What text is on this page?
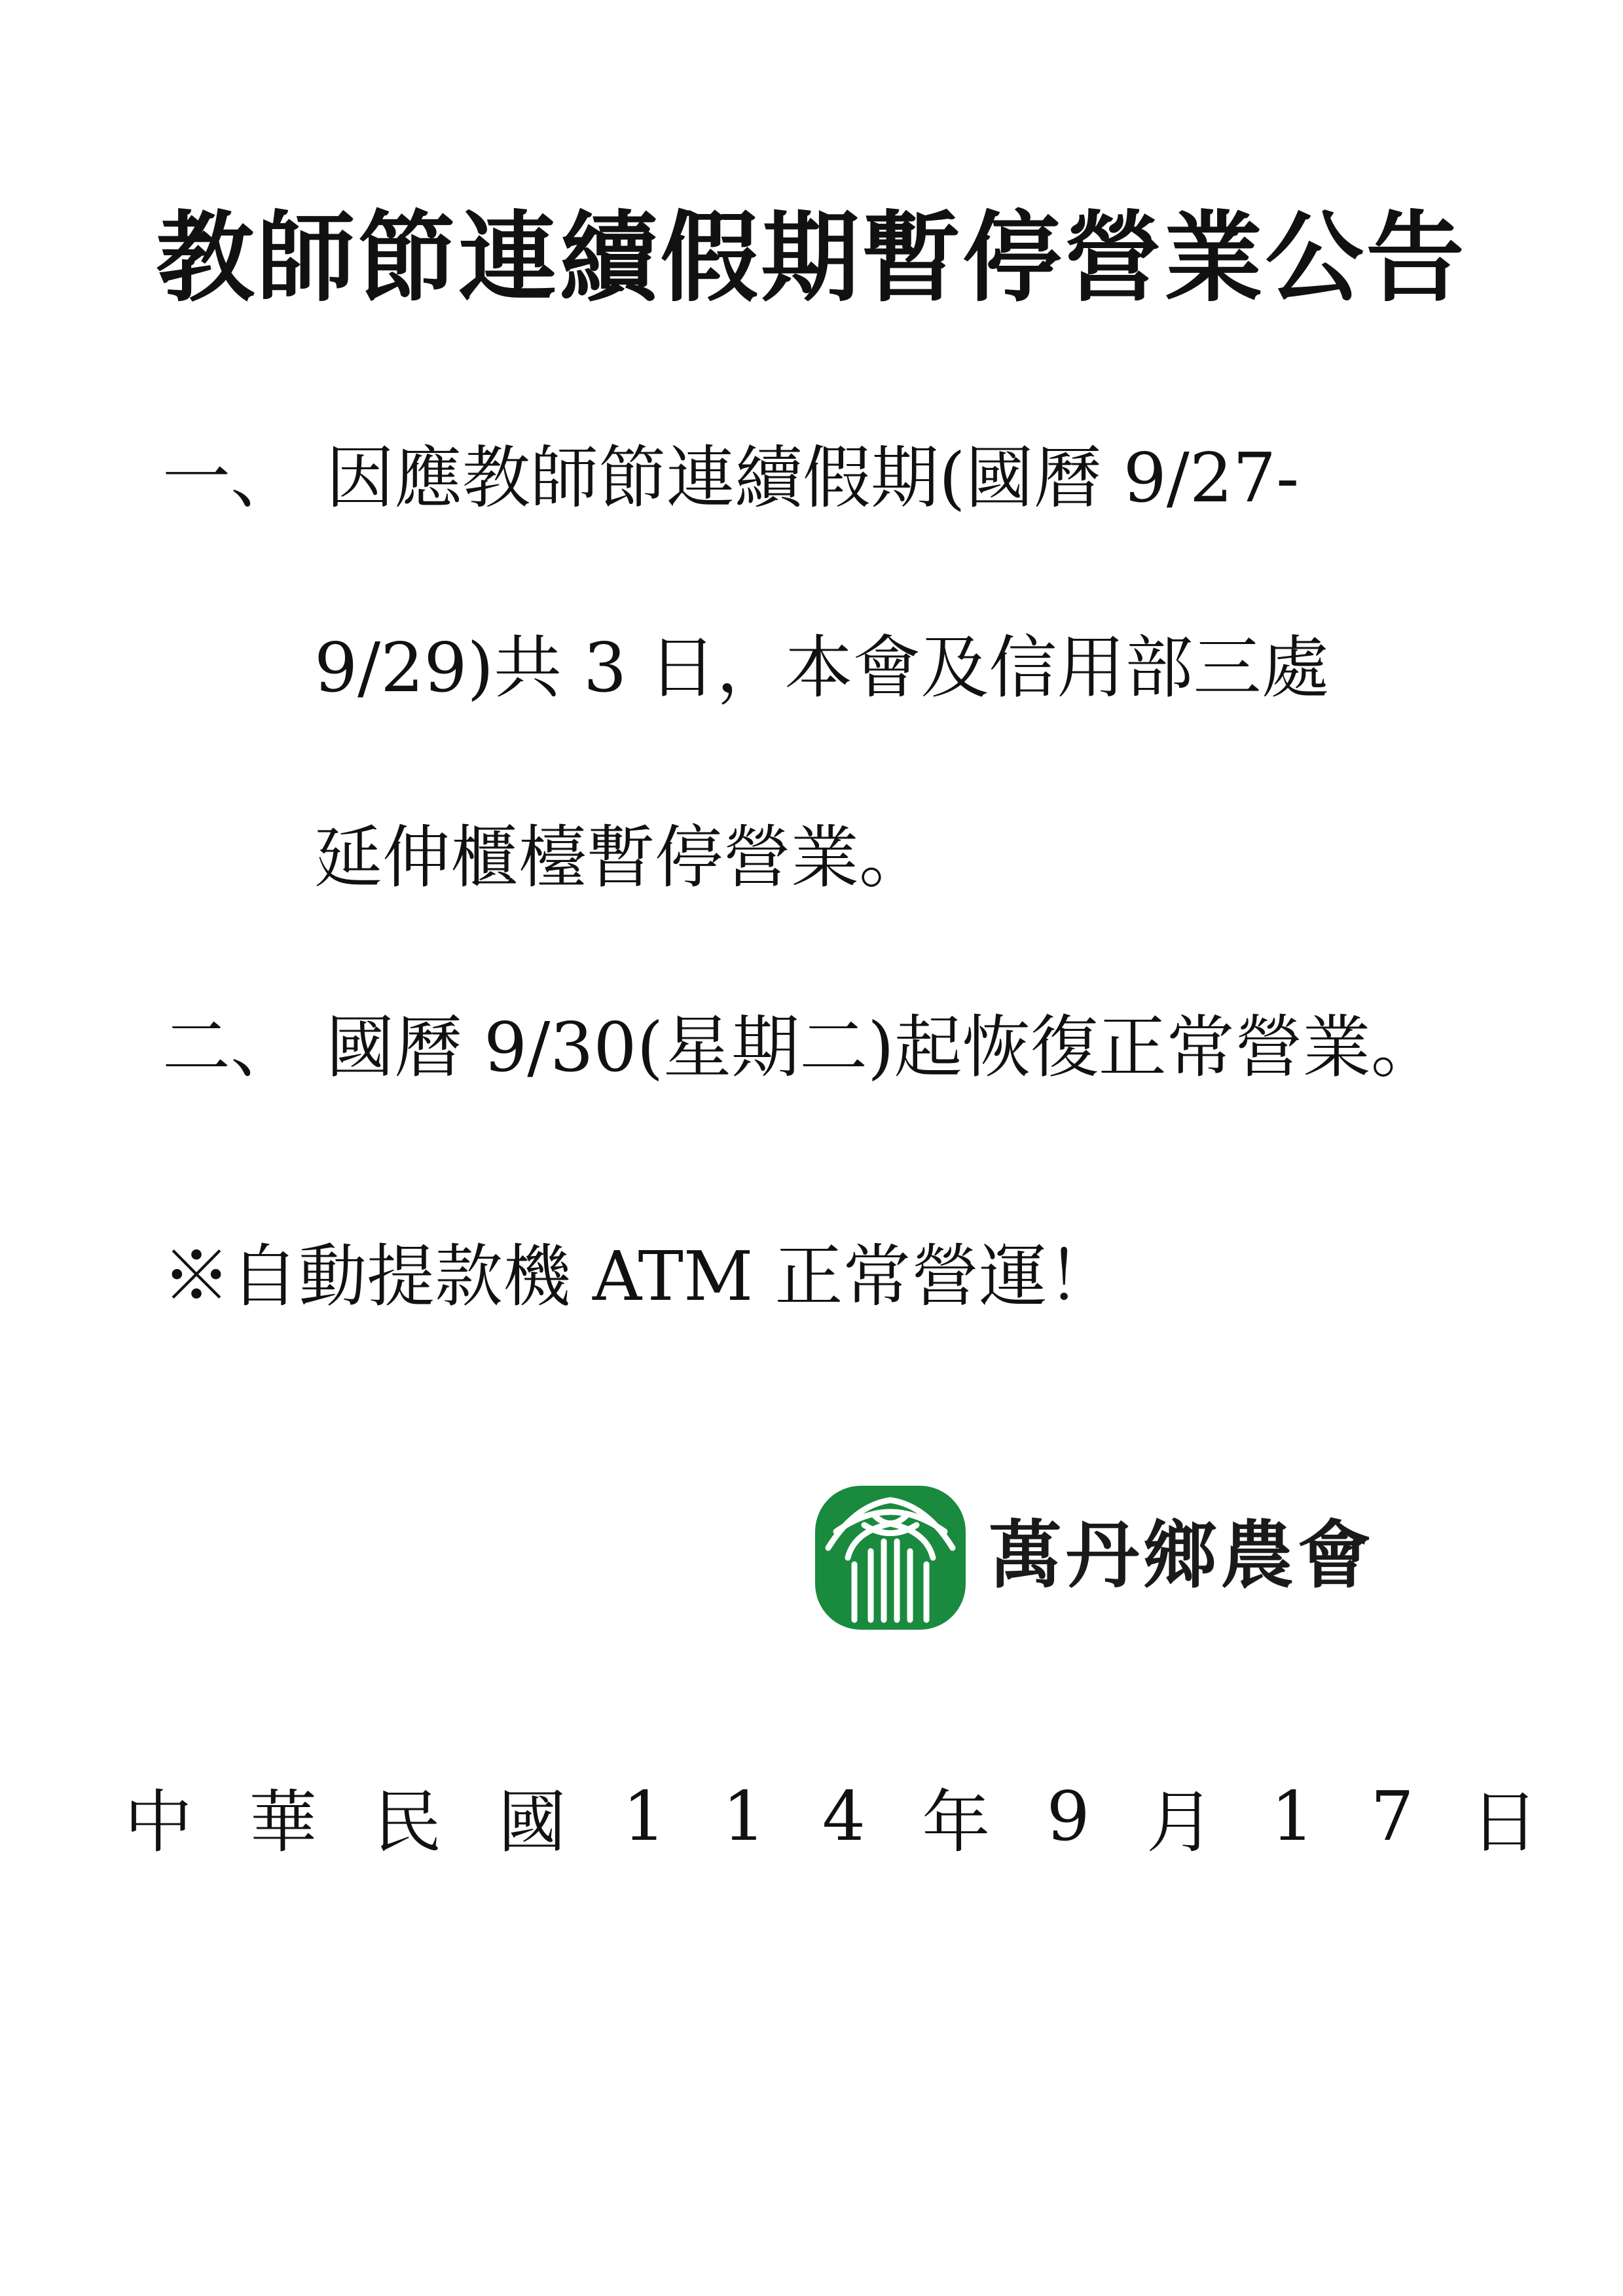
教師節連續假期暫停營業公告
一、 因應教師節連續假期(國曆 9/27-
9/29)共 3 日，本會及信用部三處
延伸櫃檯暫停營業。
二、 國曆 9/30(星期二)起恢復正常營業。
※自動提款機 ATM 正常營運！
萬丹鄉農會
中 華 民 國 1 1 4 年 9 月 1 7 日
